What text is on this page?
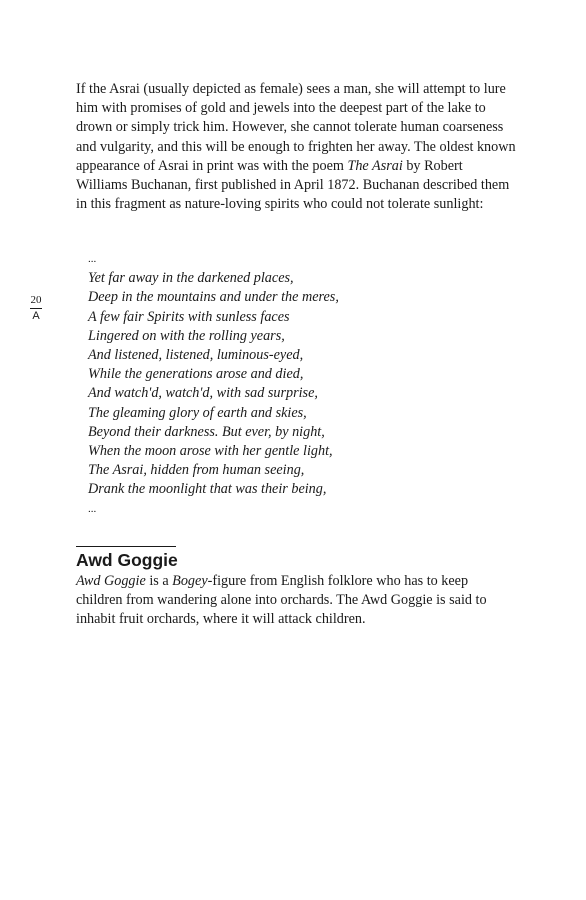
20
A

If the Asrai (usually depicted as female) sees a man, she will attempt to lure him with promises of gold and jewels into the deepest part of the lake to drown or simply trick him. However, she cannot tolerate human coarseness and vulgarity, and this will be enough to frighten her away. The oldest known appearance of Asrai in print was with the poem The Asrai by Robert Williams Buchanan, first published in April 1872. Buchanan described them in this fragment as nature-loving spirits who could not tolerate sunlight:

...
Yet far away in the darkened places,
Deep in the mountains and under the meres,
A few fair Spirits with sunless faces
Lingered on with the rolling years,
And listened, listened, luminous-eyed,
While the generations arose and died,
And watch'd, watch'd, with sad surprise,
The gleaming glory of earth and skies,
Beyond their darkness. But ever, by night,
When the moon arose with her gentle light,
The Asrai, hidden from human seeing,
Drank the moonlight that was their being,
...
Awd Goggie

Awd Goggie is a Bogey-figure from English folklore who has to keep children from wandering alone into orchards. The Awd Goggie is said to inhabit fruit orchards, where it will attack children.
